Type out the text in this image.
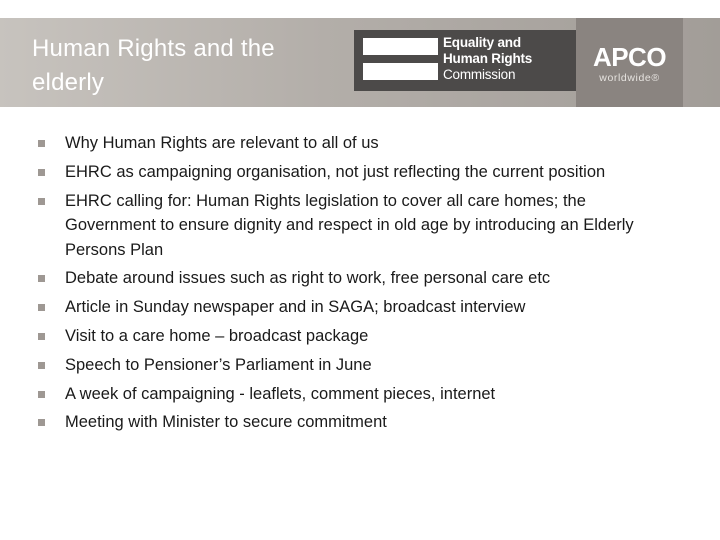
Human Rights and the elderly
Equality and
Human Rights
Commission
APCO
worldwide®
Why Human Rights are relevant to all of us
EHRC as campaigning organisation, not just reflecting the current position
EHRC calling for: Human Rights legislation to cover all care homes; the Government to ensure dignity and respect in old age by introducing an Elderly Persons Plan
Debate around issues such as right to work, free personal care etc
Article in Sunday newspaper and in SAGA; broadcast interview
Visit to a care home – broadcast package
Speech to Pensioner’s Parliament in June
A week of campaigning - leaflets, comment pieces, internet
Meeting with Minister to secure commitment
